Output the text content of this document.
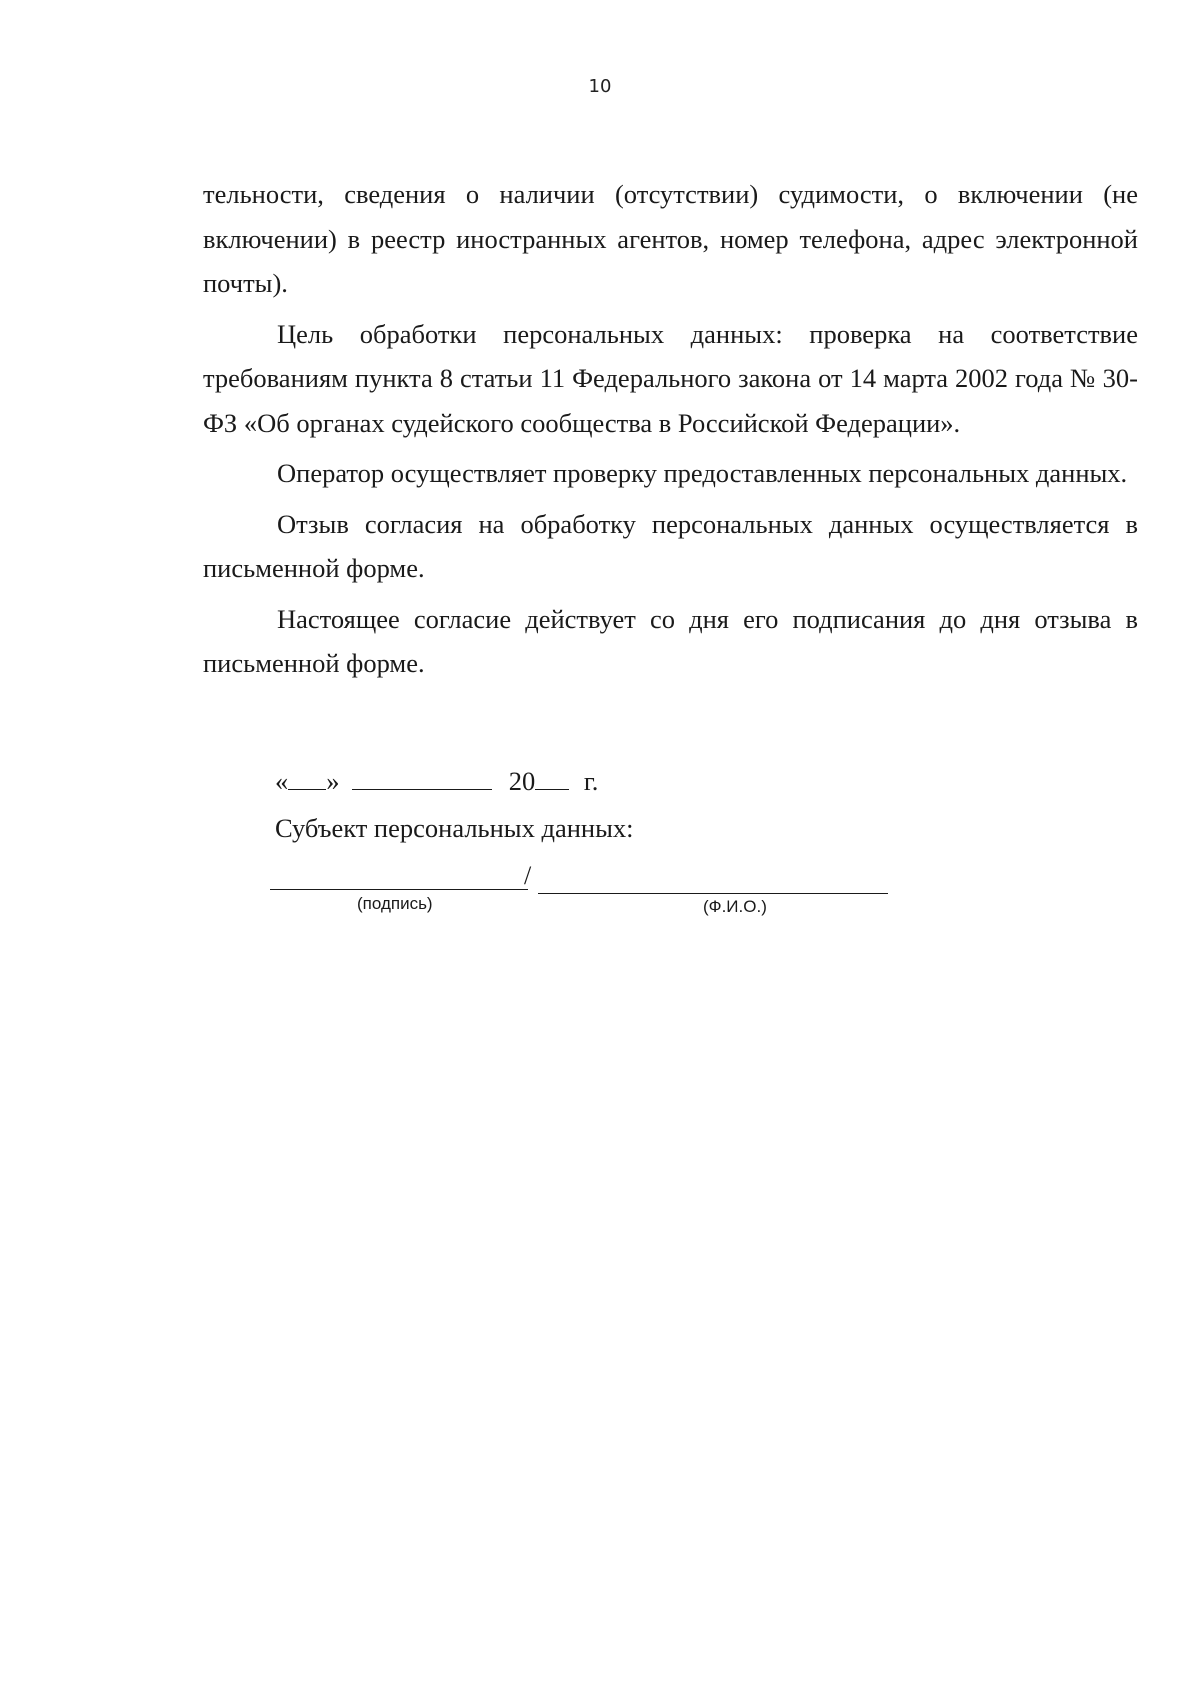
10

тельности, сведения о наличии (отсутствии) судимости, о включении (не включении) в реестр иностранных агентов, номер телефона, адрес электронной почты).

Цель обработки персональных данных: проверка на соответствие требованиям пункта 8 статьи 11 Федерального закона от 14 марта 2002 года № 30-ФЗ «Об органах судейского сообщества в Российской Федерации».

Оператор осуществляет проверку предоставленных персональных данных.

Отзыв согласия на обработку персональных данных осуществляется в письменной форме.

Настоящее согласие действует со дня его подписания до дня отзыва в письменной форме.

« »	20 г.
Субъект персональных данных:
/
(подпись)	(Ф.И.О.)
